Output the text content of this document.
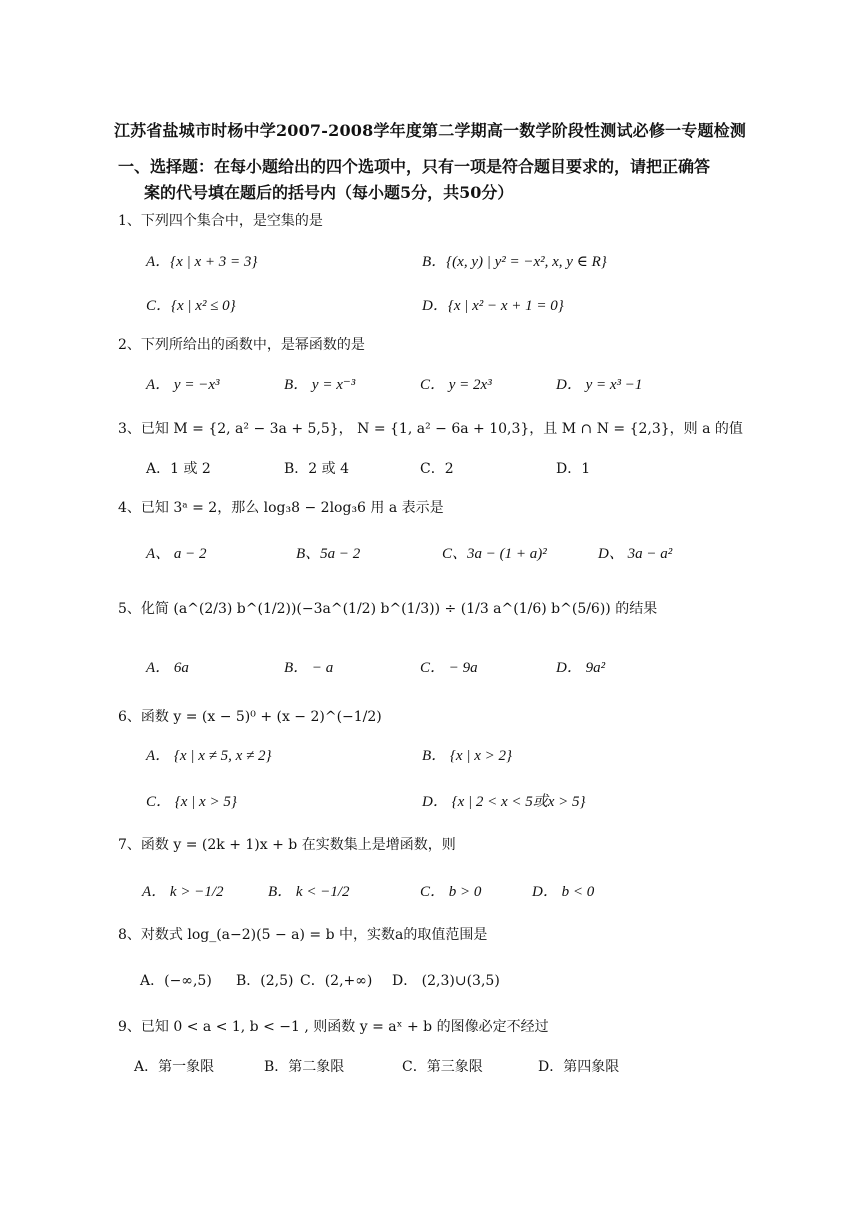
江苏省盐城市时杨中学2007-2008学年度第二学期高一数学阶段性测试必修一专题检测
一、选择题：在每小题给出的四个选项中，只有一项是符合题目要求的，请把正确答
案的代号填在题后的括号内（每小题5分，共50分）
1、下列四个集合中，是空集的是
A．{x | x + 3 = 3}	B．{(x, y) | y² = −x², x, y ∈ R}
C．{x | x² ≤ 0}	D．{x | x² − x + 1 = 0}
2、下列所给出的函数中，是幂函数的是
A． y = −x³	B． y = x⁻³	C． y = 2x³	D． y = x³ −1
3、已知 M = {2, a² − 3a + 5,5}， N = {1, a² − 6a + 10,3}，且 M ∩ N = {2,3}，则 a 的值
A．1 或 2	B．2 或 4	C．2	D．1
4、已知 3ᵃ = 2，那么 log₃8 − 2log₃6 用 a 表示是
A、 a − 2	B、5a − 2	C、3a − (1 + a)²	D、 3a − a²
5、化简 (a^(2/3) b^(1/2))(−3a^(1/2) b^(1/3)) ÷ (1/3 a^(1/6) b^(5/6)) 的结果
A． 6a	B． − a	C． − 9a	D． 9a²
6、函数 y = (x − 5)⁰ + (x − 2)^(−1/2)
A． {x | x ≠ 5, x ≠ 2}	B． {x | x > 2}
C． {x | x > 5}	D． {x | 2 < x < 5或x > 5}
7、函数 y = (2k + 1)x + b 在实数集上是增函数，则
A． k > −1/2	B． k < −1/2	C． b > 0	D． b < 0
8、对数式 log_(a−2)(5 − a) = b 中，实数a的取值范围是
A．(−∞,5) B．(2,5) C．(2,+∞) D． (2,3)∪(3,5)
9、已知 0 < a < 1, b < −1 , 则函数 y = aˣ + b 的图像必定不经过
A．第一象限	B．第二象限	C．第三象限	D．第四象限
